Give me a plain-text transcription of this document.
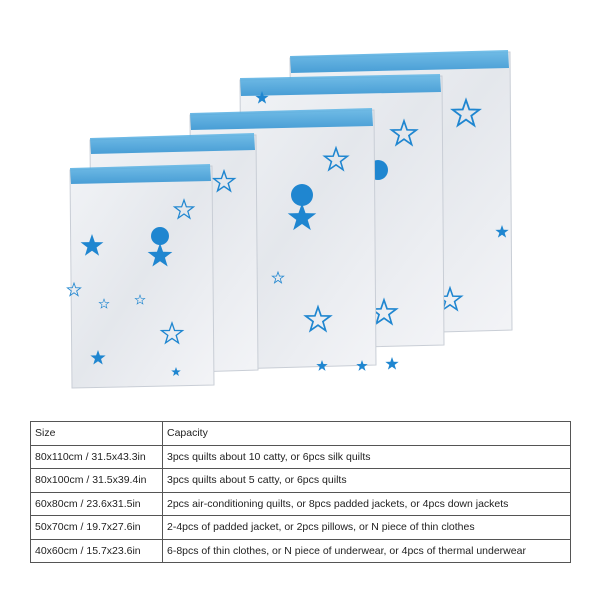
Size	Capacity
80x110cm / 31.5x43.3in	3pcs quilts about 10 catty, or 6pcs silk quilts
80x100cm / 31.5x39.4in	3pcs quilts about 5 catty, or 6pcs quilts
60x80cm / 23.6x31.5in	2pcs air-conditioning quilts, or 8pcs padded jackets, or 4pcs down jackets
50x70cm / 19.7x27.6in	2-4pcs of padded jacket, or 2pcs pillows, or N piece of thin clothes
40x60cm / 15.7x23.6in	6-8pcs of thin clothes, or N piece of underwear, or 4pcs of thermal underwear
